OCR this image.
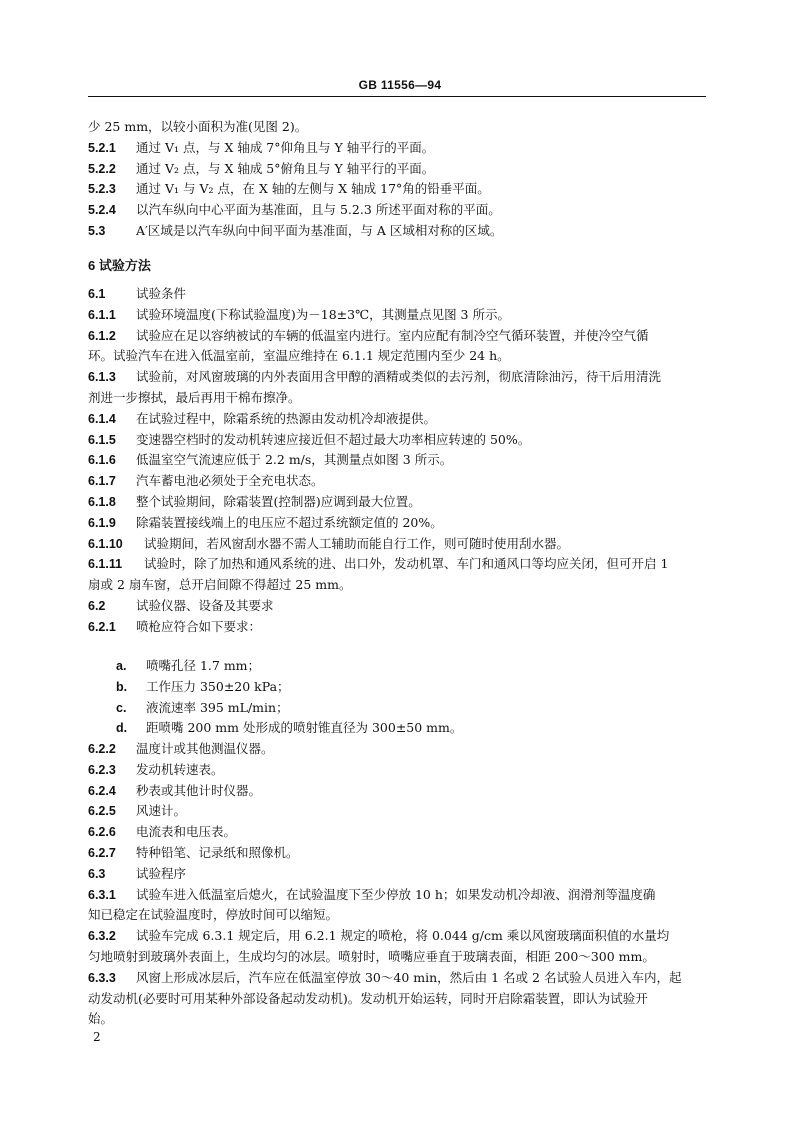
GB 11556—94
少 25 mm，以较小面积为准(见图 2)。
5.2.1 通过 V₁ 点，与 X 轴成 7°仰角且与 Y 轴平行的平面。
5.2.2 通过 V₂ 点，与 X 轴成 5°俯角且与 Y 轴平行的平面。
5.2.3 通过 V₁ 与 V₂ 点，在 X 轴的左侧与 X 轴成 17°角的铅垂平面。
5.2.4 以汽车纵向中心平面为基准面，且与 5.2.3 所述平面对称的平面。
5.3 A′区域是以汽车纵向中间平面为基准面，与 A 区域相对称的区域。
6 试验方法
6.1 试验条件
6.1.1 试验环境温度(下称试验温度)为－18±3℃，其测量点见图 3 所示。
6.1.2 试验应在足以容纳被试的车辆的低温室内进行。室内应配有制冷空气循环装置，并使冷空气循
环。试验汽车在进入低温室前，室温应维持在 6.1.1 规定范围内至少 24 h。
6.1.3 试验前，对风窗玻璃的内外表面用含甲醇的酒精或类似的去污剂，彻底清除油污，待干后用清洗
剂进一步擦拭，最后再用干棉布擦净。
6.1.4 在试验过程中，除霜系统的热源由发动机冷却液提供。
6.1.5 变速器空档时的发动机转速应接近但不超过最大功率相应转速的 50%。
6.1.6 低温室空气流速应低于 2.2 m/s，其测量点如图 3 所示。
6.1.7 汽车蓄电池必须处于全充电状态。
6.1.8 整个试验期间，除霜装置(控制器)应调到最大位置。
6.1.9 除霜装置接线端上的电压应不超过系统额定值的 20%。
6.1.10 试验期间，若风窗刮水器不需人工辅助而能自行工作，则可随时使用刮水器。
6.1.11 试验时，除了加热和通风系统的进、出口外，发动机罩、车门和通风口等均应关闭，但可开启 1
扇或 2 扇车窗，总开启间隙不得超过 25 mm。
6.2 试验仪器、设备及其要求
6.2.1 喷枪应符合如下要求：
a. 喷嘴孔径 1.7 mm；
b. 工作压力 350±20 kPa；
c. 液流速率 395 mL/min；
d. 距喷嘴 200 mm 处形成的喷射锥直径为 300±50 mm。
6.2.2 温度计或其他测温仪器。
6.2.3 发动机转速表。
6.2.4 秒表或其他计时仪器。
6.2.5 风速计。
6.2.6 电流表和电压表。
6.2.7 特种铅笔、记录纸和照像机。
6.3 试验程序
6.3.1 试验车进入低温室后熄火，在试验温度下至少停放 10 h；如果发动机冷却液、润滑剂等温度确
知已稳定在试验温度时，停放时间可以缩短。
6.3.2 试验车完成 6.3.1 规定后，用 6.2.1 规定的喷枪，将 0.044 g/cm 乘以风窗玻璃面积值的水量均
匀地喷射到玻璃外表面上，生成均匀的冰层。喷射时，喷嘴应垂直于玻璃表面，相距 200～300 mm。
6.3.3 风窗上形成冰层后，汽车应在低温室停放 30～40 min，然后由 1 名或 2 名试验人员进入车内，起
动发动机(必要时可用某种外部设备起动发动机)。发动机开始运转，同时开启除霜装置，即认为试验开
始。
2
